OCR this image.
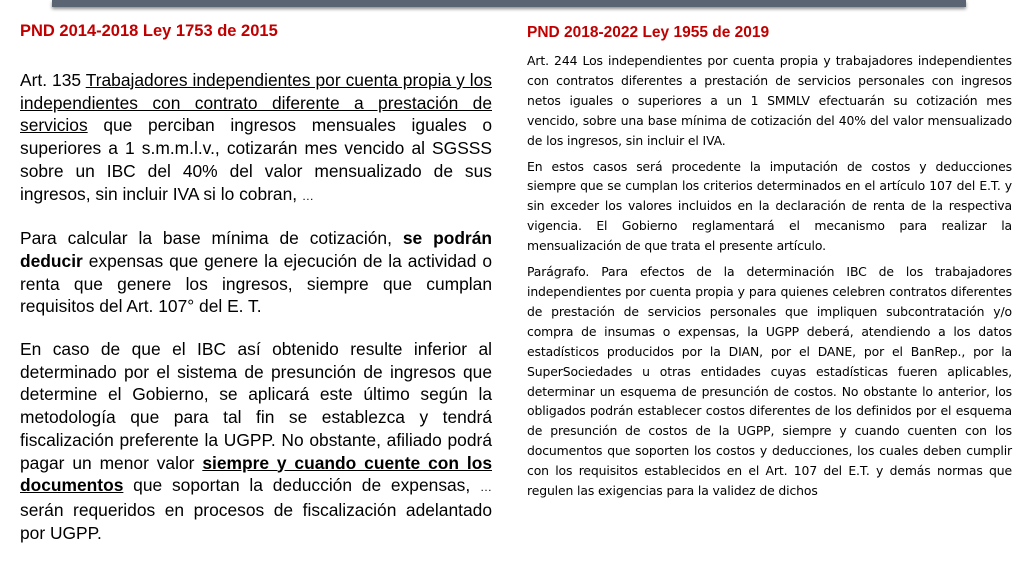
PND 2014-2018 Ley 1753 de 2015

Art. 135 Trabajadores independientes por cuenta propia y los independientes con contrato diferente a prestación de servicios que perciban ingresos mensuales iguales o superiores a 1 s.m.m.l.v., cotizarán mes vencido al SGSSS sobre un IBC del 40% del valor mensualizado de sus ingresos, sin incluir IVA si lo cobran, …

Para calcular la base mínima de cotización, se podrán deducir expensas que genere la ejecución de la actividad o renta que genere los ingresos, siempre que cumplan requisitos del Art. 107° del E. T.

En caso de que el IBC así obtenido resulte inferior al determinado por el sistema de presunción de ingresos que determine el Gobierno, se aplicará este último según la metodología que para tal fin se establezca y tendrá fiscalización preferente la UGPP. No obstante, afiliado podrá pagar un menor valor siempre y cuando cuente con los documentos que soportan la deducción de expensas, … serán requeridos en procesos de fiscalización adelantado por UGPP.

PND 2018-2022 Ley 1955 de 2019

Art. 244 Los independientes por cuenta propia y trabajadores independientes con contratos diferentes a prestación de servicios personales con ingresos netos iguales o superiores a un 1 SMMLV efectuarán su cotización mes vencido, sobre una base mínima de cotización del 40% del valor mensualizado de los ingresos, sin incluir el IVA.

En estos casos será procedente la imputación de costos y deducciones siempre que se cumplan los criterios determinados en el artículo 107 del E.T. y sin exceder los valores incluidos en la declaración de renta de la respectiva vigencia. El Gobierno reglamentará el mecanismo para realizar la mensualización de que trata el presente artículo.

Parágrafo. Para efectos de la determinación IBC de los trabajadores independientes por cuenta propia y para quienes celebren contratos diferentes de prestación de servicios personales que impliquen subcontratación y/o compra de insumas o expensas, la UGPP deberá, atendiendo a los datos estadísticos producidos por la DIAN, por el DANE, por el BanRep., por la SuperSociedades u otras entidades cuyas estadísticas fueren aplicables, determinar un esquema de presunción de costos. No obstante lo anterior, los obligados podrán establecer costos diferentes de los definidos por el esquema de presunción de costos de la UGPP, siempre y cuando cuenten con los documentos que soporten los costos y deducciones, los cuales deben cumplir con los requisitos establecidos en el Art. 107 del E.T. y demás normas que regulen las exigencias para la validez de dichos
